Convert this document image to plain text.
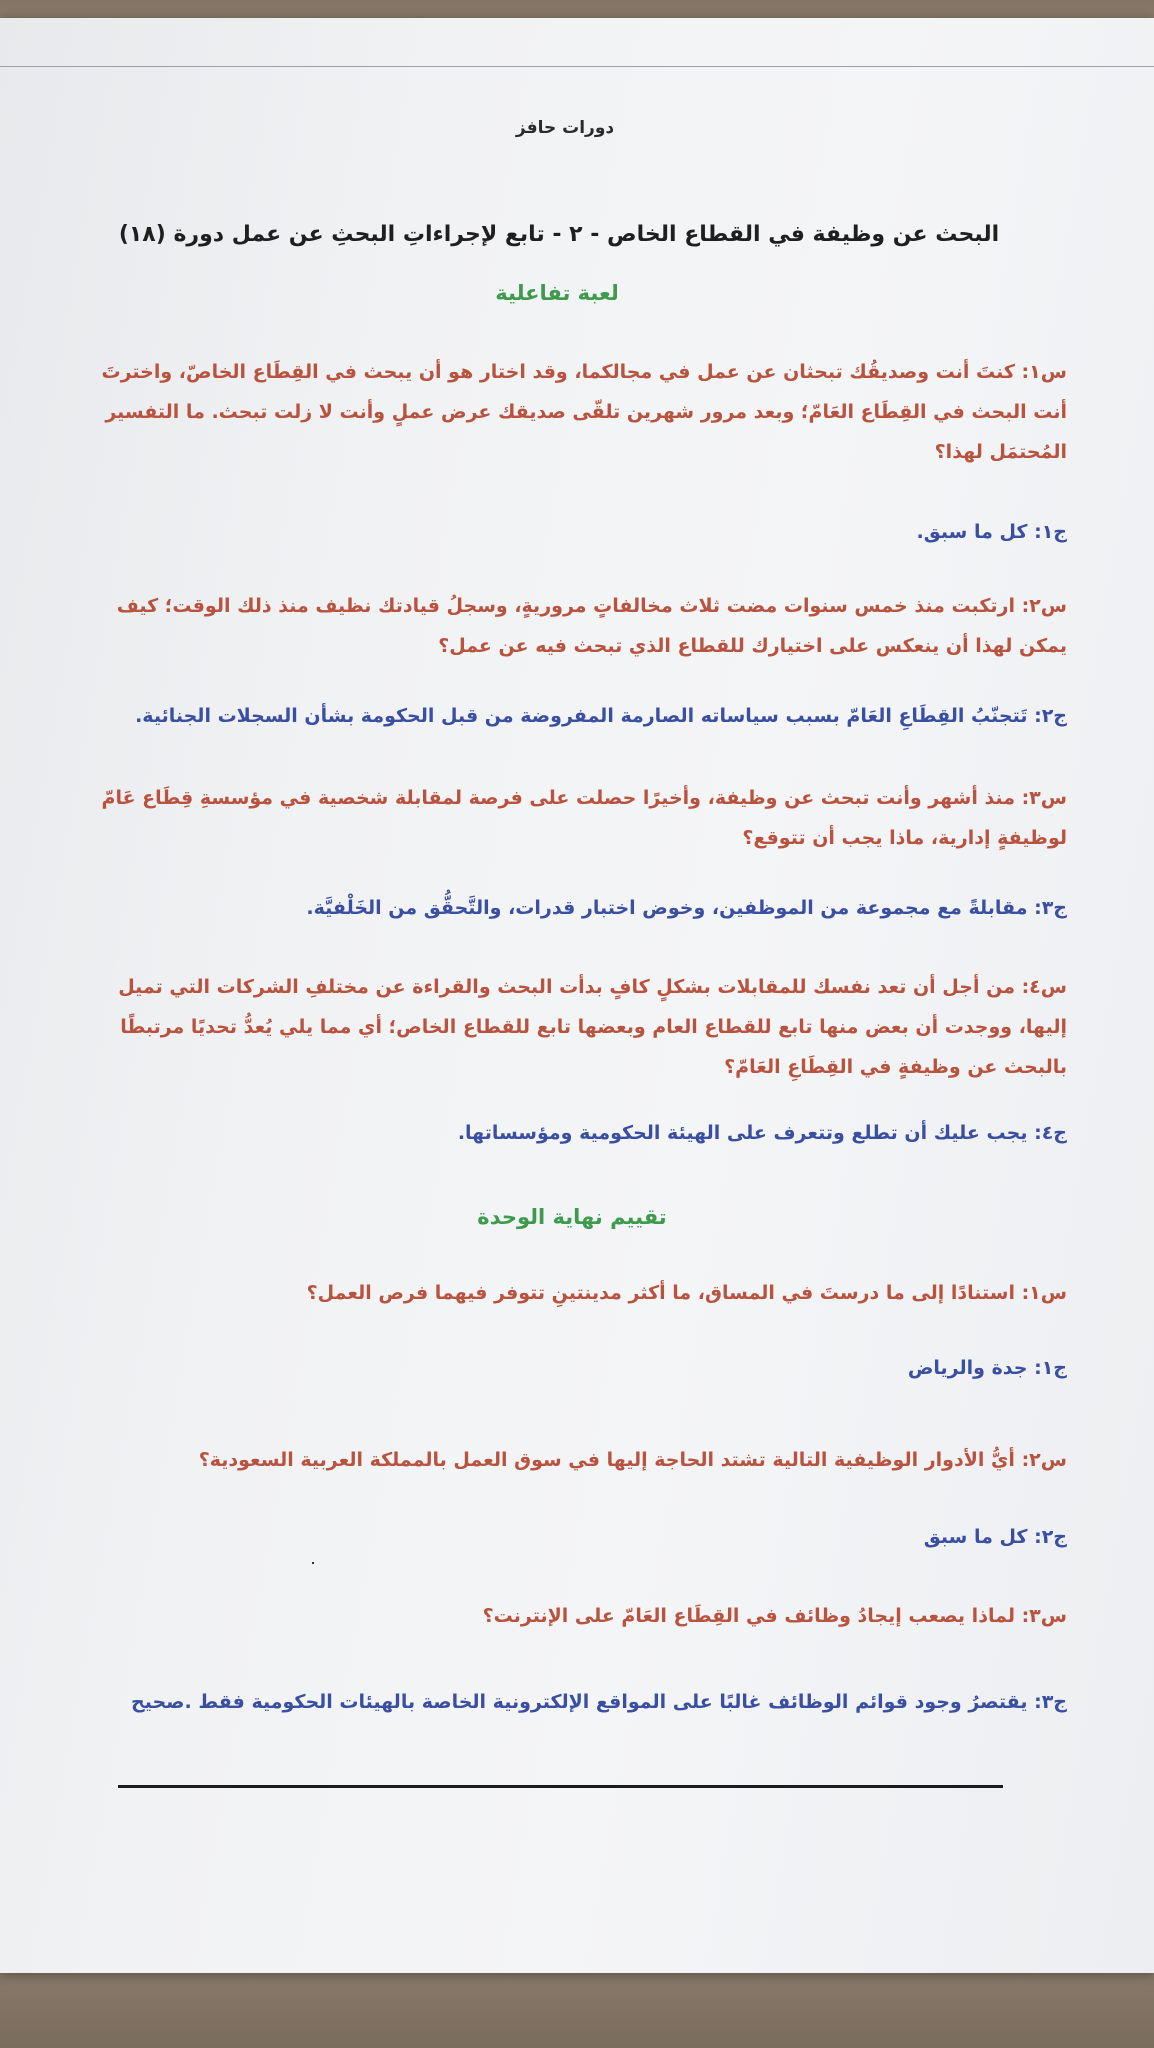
دورات حافز
البحث عن وظيفة في القطاع الخاص - ٢ - تابع لإجراءاتِ البحثِ عن عمل دورة (١٨)
لعبة تفاعلية
س١: كنتَ أنت وصديقُك تبحثان عن عمل في مجالكما، وقد اختار هو أن يبحث في القِطَاع الخاصّ، واخترتَ أنت البحث في القِطَاع العَامّ؛ وبعد مرور شهرين تلقّى صديقك عرض عملٍ وأنت لا زلت تبحث. ما التفسير المُحتمَل لهذا؟
ج١: كل ما سبق.
س٢: ارتكبت منذ خمس سنوات مضت ثلاث مخالفاتٍ مروريةٍ، وسجلُ قيادتك نظيف منذ ذلك الوقت؛ كيف يمكن لهذا أن ينعكس على اختيارك للقطاع الذي تبحث فيه عن عمل؟
ج٢: تَتجنّبُ القِطَاعِ العَامّ بسبب سياساته الصارمة المفروضة من قبل الحكومة بشأن السجلات الجنائية.
س٣: منذ أشهر وأنت تبحث عن وظيفة، وأخيرًا حصلت على فرصة لمقابلة شخصية في مؤسسةِ قِطَاع عَامّ لوظيفةٍ إدارية، ماذا يجب أن تتوقع؟
ج٣: مقابلةً مع مجموعة من الموظفين، وخوض اختبار قدرات، والتَّحقُّق من الخَلْفيَّة.
س٤: من أجل أن تعد نفسك للمقابلات بشكلٍ كافٍ بدأت البحث والقراءة عن مختلفِ الشركات التي تميل إليها، ووجدت أن بعض منها تابع للقطاع العام وبعضها تابع للقطاع الخاص؛ أي مما يلي يُعدُّ تحديًا مرتبطًا بالبحث عن وظيفةٍ في القِطَاعِ العَامّ؟
ج٤: يجب عليك أن تطلع وتتعرف على الهيئة الحكومية ومؤسساتها.
تقييم نهاية الوحدة
س١: استنادًا إلى ما درستَ في المساق، ما أكثر مدينتينِ تتوفر فيهما فرص العمل؟
ج١: جدة والرياض
س٢: أيُّ الأدوار الوظيفية التالية تشتد الحاجة إليها في سوق العمل بالمملكة العربية السعودية؟
ج٢: كل ما سبق
س٣: لماذا يصعب إيجادُ وظائف في القِطَاع العَامّ على الإنترنت؟
ج٣: يقتصرُ وجود قوائم الوظائف غالبًا على المواقع الإلكترونية الخاصة بالهيئات الحكومية فقط .صحيح
